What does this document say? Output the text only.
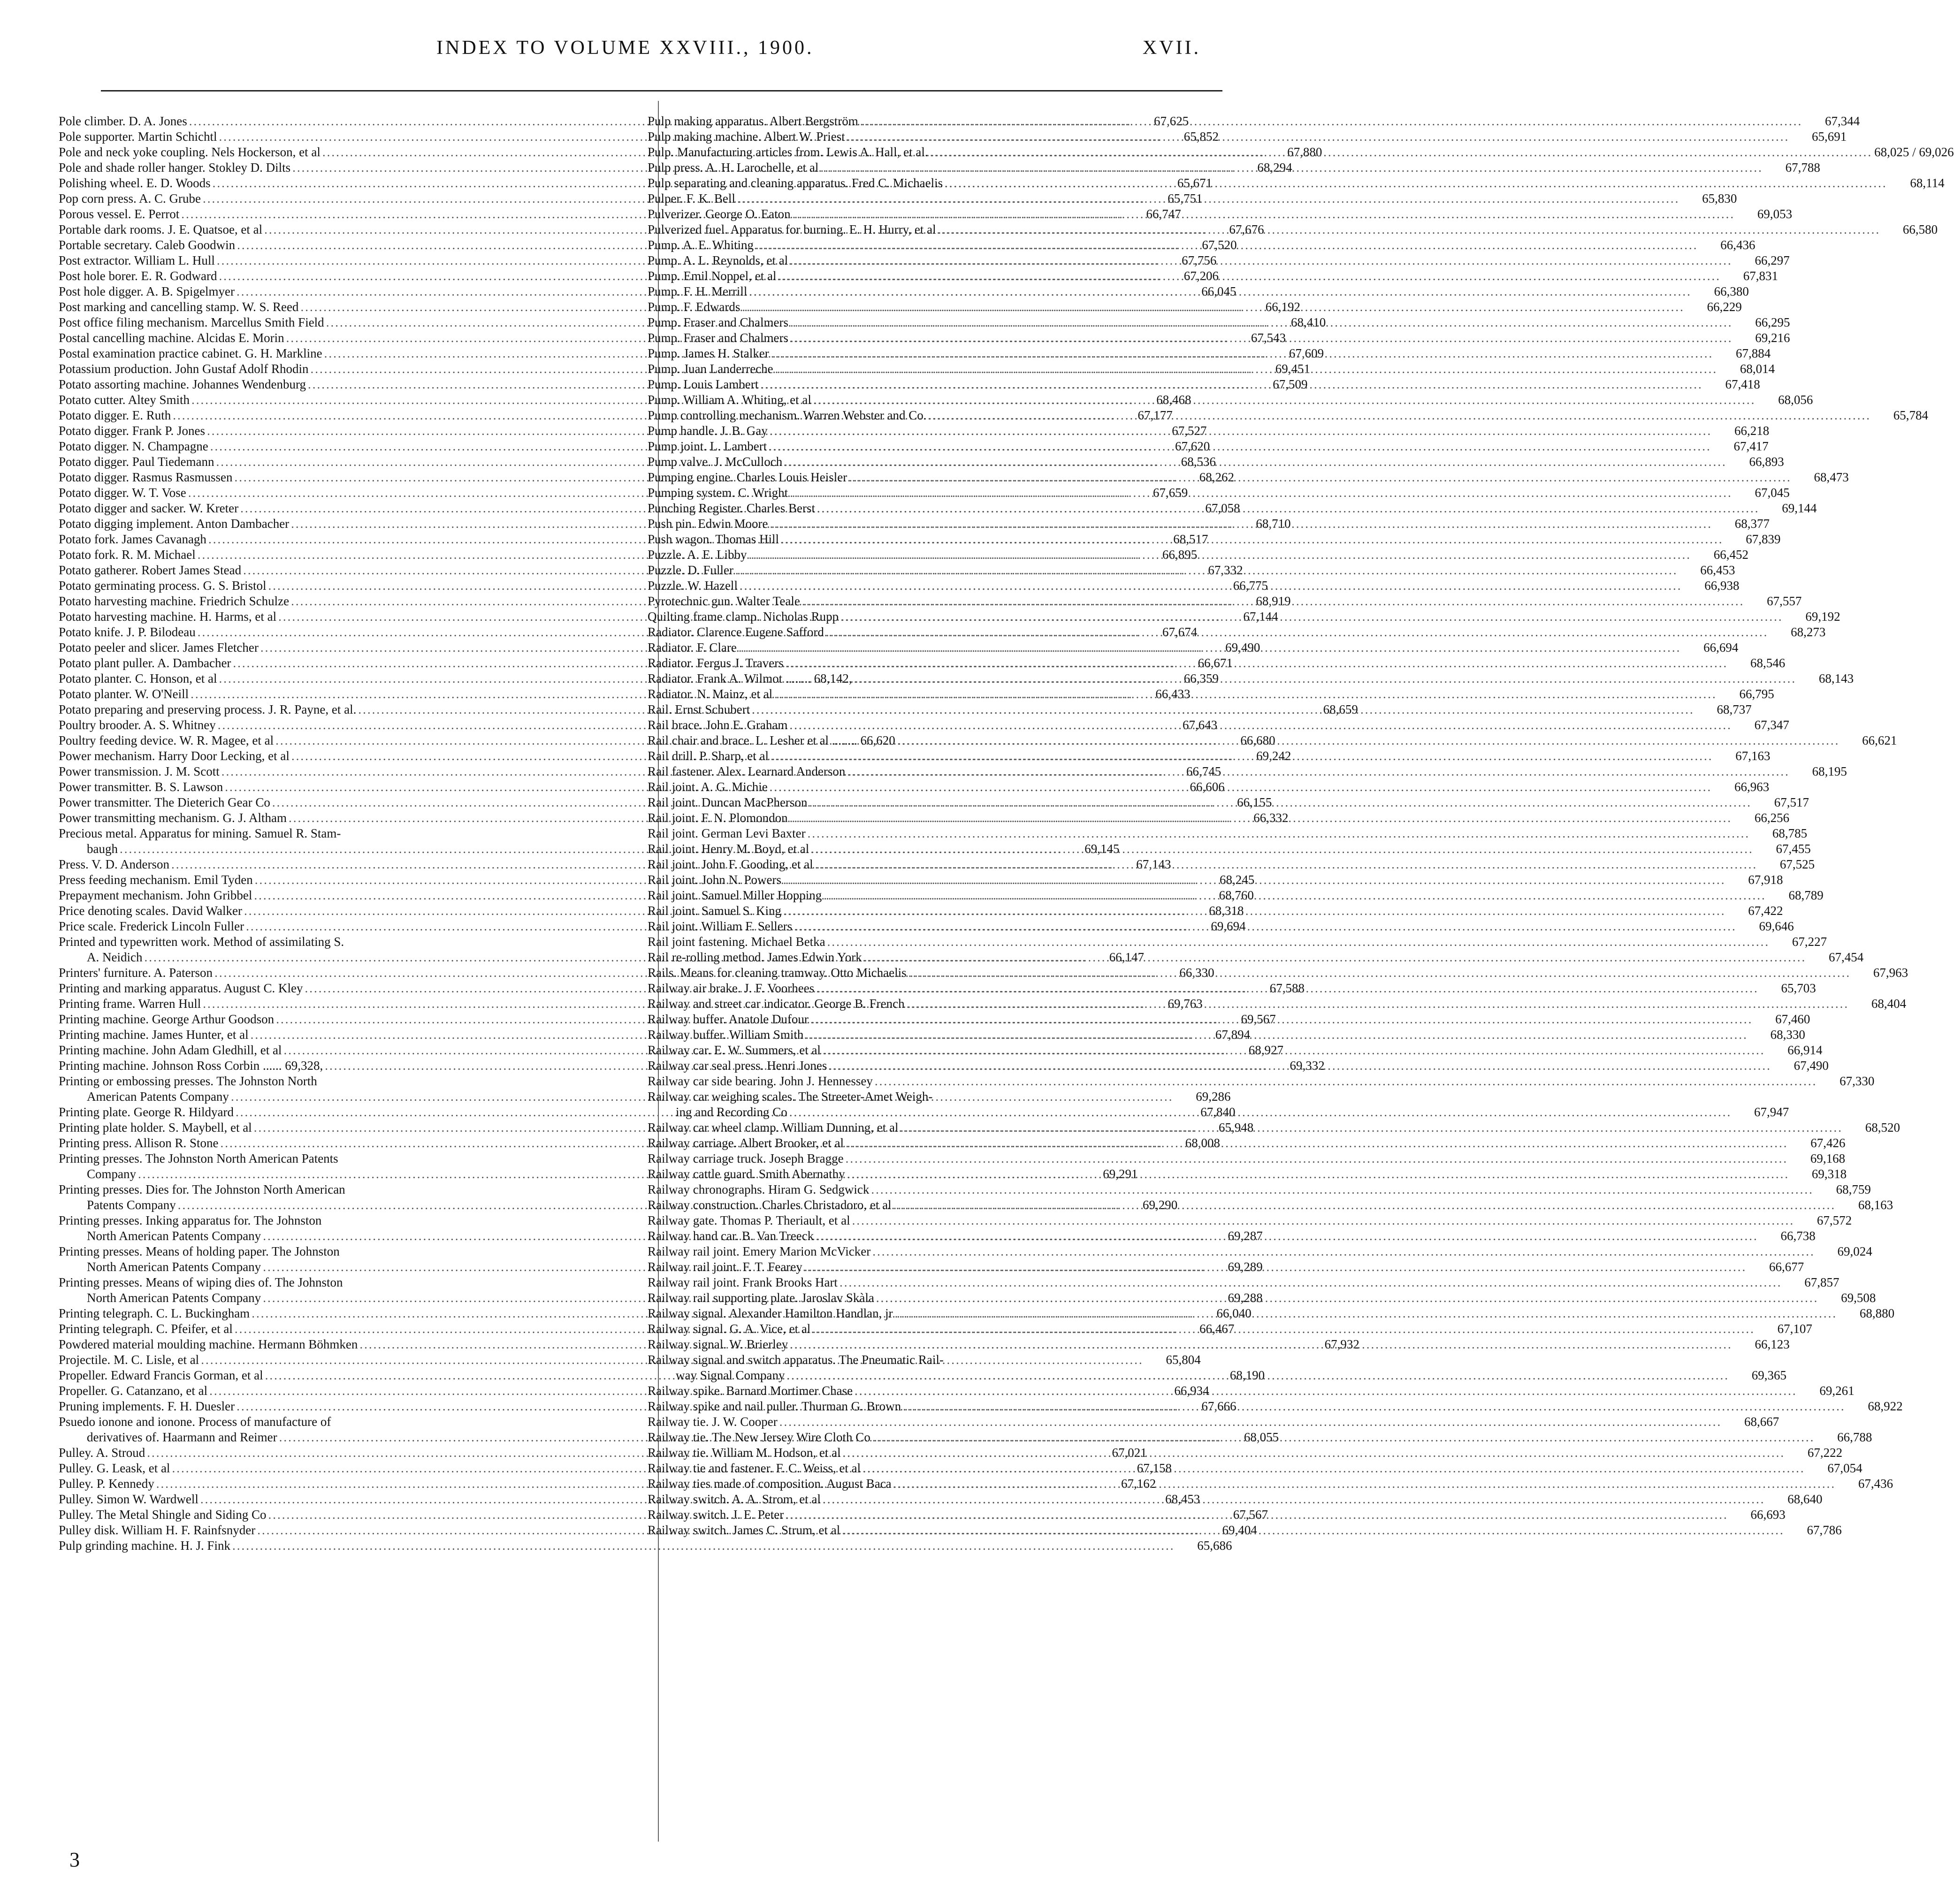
INDEX TO VOLUME XXVIII., 1900.	XVII.
Pole climber. D. A. Jones .....	67,625
Pole supporter. Martin Schichtl .....	65,852
Pole and neck yoke coupling. Nels Hockerson, et al .....	67,880
Pole and shade roller hanger. Stokley D. Dilts .....	68,294
Polishing wheel. E. D. Woods .....	65,671
Pop corn press. A. C. Grube .....	65,751
Porous vessel. E. Perrot .....	66,747
Portable dark rooms. J. E. Quatsoe, et al .....	67,676
Portable secretary. Caleb Goodwin .....	67,520
Post extractor. William L. Hull .....	67,756
Post hole borer. E. R. Godward .....	67,206
Post hole digger. A. B. Spigelmyer .....	66,045
Post marking and cancelling stamp. W. S. Reed .....	66,192
Post office filing mechanism. Marcellus Smith Field .....	68,410
Postal cancelling machine. Alcidas E. Morin .....	67,543
Postal examination practice cabinet. G. H. Markline .....	67,609
Potassium production. John Gustaf Adolf Rhodin .....	69,451
Potato assorting machine. Johannes Wendenburg .....	67,509
Potato cutter. Altey Smith .....	68,468
Potato digger. E. Ruth .....	67,177
Potato digger. Frank P. Jones .....	67,527
Potato digger. N. Champagne .....	67,620
Potato digger. Paul Tiedemann .....	68,536
Potato digger. Rasmus Rasmussen .....	68,262
Potato digger. W. T. Vose .....	67,659
Potato digger and sacker. W. Kreter .....	67,058
Potato digging implement. Anton Dambacher .....	68,710
Potato fork. James Cavanagh .....	68,517
Potato fork. R. M. Michael .....	66,895
Potato gatherer. Robert James Stead .....	67,332
Potato germinating process. G. S. Bristol .....	66,775
Potato harvesting machine. Friedrich Schulze .....	68,919
Potato harvesting machine. H. Harms, et al .....	67,144
Potato knife. J. P. Bilodeau .....	67,674
Potato peeler and slicer. James Fletcher .....	69,490
Potato plant puller. A. Dambacher .....	66,671
Potato planter. C. Honson, et al .....	66,359
Potato planter. W. O'Neill .....	66,433
Potato preparing and preserving process. J. R. Payne, et al. .....	68,659
Poultry brooder. A. S. Whitney .....	67,643
Poultry feeding device. W. R. Magee, et al .....	66,680
Power mechanism. Harry Door Lecking, et al .....	69,242
Power transmission. J. M. Scott .....	66,745
Power transmitter. B. S. Lawson .....	66,606
Power transmitter. The Dieterich Gear Co .....	66,155
Power transmitting mechanism. G. J. Altham .....	66,332
Precious metal. Apparatus for mining. Samuel R. Stam-
baugh .....	69,145
Press. V. D. Anderson .....	67,143
Press feeding mechanism. Emil Tyden .....	68,245
Prepayment mechanism. John Gribbel .....	68,760
Price denoting scales. David Walker .....	68,318
Price scale. Frederick Lincoln Fuller .....	69,694
Printed and typewritten work. Method of assimilating S.
A. Neidich .....	66,147
Printers' furniture. A. Paterson .....	66,330
Printing and marking apparatus. August C. Kley .....	67,588
Printing frame. Warren Hull .....	69,763
Printing machine. George Arthur Goodson .....	69,567
Printing machine. James Hunter, et al .....	67,894
Printing machine. John Adam Gledhill, et al .....	68,927
Printing machine. Johnson Ross Corbin ...... 69,328, .....	69,332
Printing or embossing presses. The Johnston North
American Patents Company .....	69,286
Printing plate. George R. Hildyard .....	67,840
Printing plate holder. S. Maybell, et al .....	65,948
Printing press. Allison R. Stone .....	68,008
Printing presses. The Johnston North American Patents
Company .....	69,291
Printing presses. Dies for. The Johnston North American
Patents Company .....	69,290
Printing presses. Inking apparatus for. The Johnston
North American Patents Company .....	69,287
Printing presses. Means of holding paper. The Johnston
North American Patents Company .....	69,289
Printing presses. Means of wiping dies of. The Johnston
North American Patents Company .....	69,288
Printing telegraph. C. L. Buckingham .....	66,040
Printing telegraph. C. Pfeifer, et al .....	66,467
Powdered material moulding machine. Hermann Böhmken .....	67,932
Projectile. M. C. Lisle, et al .....	65,804
Propeller. Edward Francis Gorman, et al .....	68,190
Propeller. G. Catanzano, et al .....	66,934
Pruning implements. F. H. Duesler .....	67,666
Psuedo ionone and ionone. Process of manufacture of
derivatives of. Haarmann and Reimer .....	68,055
Pulley. A. Stroud .....	67,021
Pulley. G. Leask, et al .....	67,158
Pulley. P. Kennedy .....	67,162
Pulley. Simon W. Wardwell .....	68,453
Pulley. The Metal Shingle and Siding Co .....	67,567
Pulley disk. William H. F. Rainfsnyder .....	69,404
Pulp grinding machine. H. J. Fink .....	65,686
Pulp making apparatus. Albert Bergström .....	67,344
Pulp making machine. Albert W. Priest .....	65,691
Pulp. Manufacturing articles from. Lewis A. Hall, et al. .....	68,025 / 69,026
Pulp press. A. H. Larochelle, et al .....	67,788
Pulp separating and cleaning apparatus. Fred C. Michaelis .....	68,114
Pulper. F. K. Bell .....	65,830
Pulverizer. George O. Eaton .....	69,053
Pulverized fuel. Apparatus for burning. E. H. Hurry, et al .....	66,580
Pump. A. E. Whiting .....	66,436
Pump. A. L. Reynolds, et al .....	66,297
Pump. Emil Noppel, et al .....	67,831
Pump. F. H. Merrill .....	66,380
Pump. F. Edwards .....	66,229
Pump. Fraser and Chalmers .....	66,295
Pump. Fraser and Chalmers .....	69,216
Pump. James H. Stalker .....	67,884
Pump. Juan Landerreche .....	68,014
Pump. Louis Lambert .....	67,418
Pump. William A. Whiting, et al .....	68,056
Pump controlling mechanism. Warren Webster and Co. .....	65,784
Pump handle. J. B. Gay .....	66,218
Pump joint. L. Lambert .....	67,417
Pump valve. J. McCulloch .....	66,893
Pumping engine. Charles Louis Heisler .....	68,473
Pumping system. C. Wright .....	67,045
Punching Register. Charles Berst .....	69,144
Push pin. Edwin Moore .....	68,377
Push wagon. Thomas Hill .....	67,839
Puzzle. A. E. Libby .....	66,452
Puzzle. D. Fuller .....	66,453
Puzzle. W. Hazell .....	66,938
Pyrotechnic gun. Walter Teale .....	67,557
Quilting frame clamp. Nicholas Rupp .....	69,192
Radiator. Clarence Eugene Safford .....	68,273
Radiator. F. Clare .....	66,694
Radiator. Fergus J. Travers .....	68,546
Radiator. Frank A. Wilmot ........ 68,142, .....	68,143
Radiator. N. Mainz, et al .....	66,795
Rail. Ernst Schubert .....	68,737
Rail brace. John E. Graham .....	67,347
Rail chair and brace. L. Lesher et al ........ 66,620 .....	66,621
Rail drill. P. Sharp, et al .....	67,163
Rail fastener. Alex. Learnard Anderson .....	68,195
Rail joint. A. G. Michie .....	66,963
Rail joint. Duncan MacPherson .....	67,517
Rail joint. F. N. Plomondon .....	66,256
Rail joint. German Levi Baxter .....	68,785
Rail joint. Henry M. Boyd, et al .....	67,455
Rail joint. John F. Gooding, et al .....	67,525
Rail joint. John N. Powers .....	67,918
Rail joint. Samuel Miller Hopping .....	68,789
Rail joint. Samuel S. King .....	67,422
Rail joint. William F. Sellers .....	69,646
Rail joint fastening. Michael Betka .....	67,227
Rail re-rolling method. James Edwin York .....	67,454
Rails. Means for cleaning tramway. Otto Michaelis .....	67,963
Railway air brake. J. F. Voorhees .....	65,703
Railway and street car indicator. George B. French .....	68,404
Railway buffer. Anatole Dufour .....	67,460
Railway buffer. William Smith .....	68,330
Railway car. E. W. Summers, et al .....	66,914
Railway car seal press. Henri Jones .....	67,490
Railway car side bearing. John J. Hennessey .....	67,330
Railway car weighing scales. The Streeter-Amet Weigh-
ing and Recording Co .....	67,947
Railway car wheel clamp. William Dunning, et al .....	68,520
Railway carriage. Albert Brooker, et al .....	67,426
Railway carriage truck. Joseph Bragge .....	69,168
Railway cattle guard. Smith Abernathy .....	69,318
Railway chronographs. Hiram G. Sedgwick .....	68,759
Railway construction. Charles Christadoro, et al .....	68,163
Railway gate. Thomas P. Theriault, et al .....	67,572
Railway hand car. B. Van Treeck .....	66,738
Railway rail joint. Emery Marion McVicker .....	69,024
Railway rail joint. F. T. Fearey .....	66,677
Railway rail joint. Frank Brooks Hart .....	67,857
Railway rail supporting plate. Jaroslav Skàla .....	69,508
Railway signal. Alexander Hamilton Handlan, jr .....	68,880
Railway signal. G. A. Vice, et al .....	67,107
Railway signal. W. Brierley .....	66,123
Railway signal and switch apparatus. The Pneumatic Rail-
way Signal Company .....	69,365
Railway spike. Barnard Mortimer Chase .....	69,261
Railway spike and nail puller. Thurman G. Brown .....	68,922
Railway tie. J. W. Cooper .....	68,667
Railway tie. The New Jersey Wire Cloth Co .....	66,788
Railway tie. William M. Hodson, et al .....	67,222
Railway tie and fastener. F. C. Weiss, et al .....	67,054
Railway ties made of composition. August Baca .....	67,436
Railway switch. A. A. Strom, et al .....	68,640
Railway switch. J. E. Peter .....	66,693
Railway switch. James C. Strum, et al .....	67,786
3
